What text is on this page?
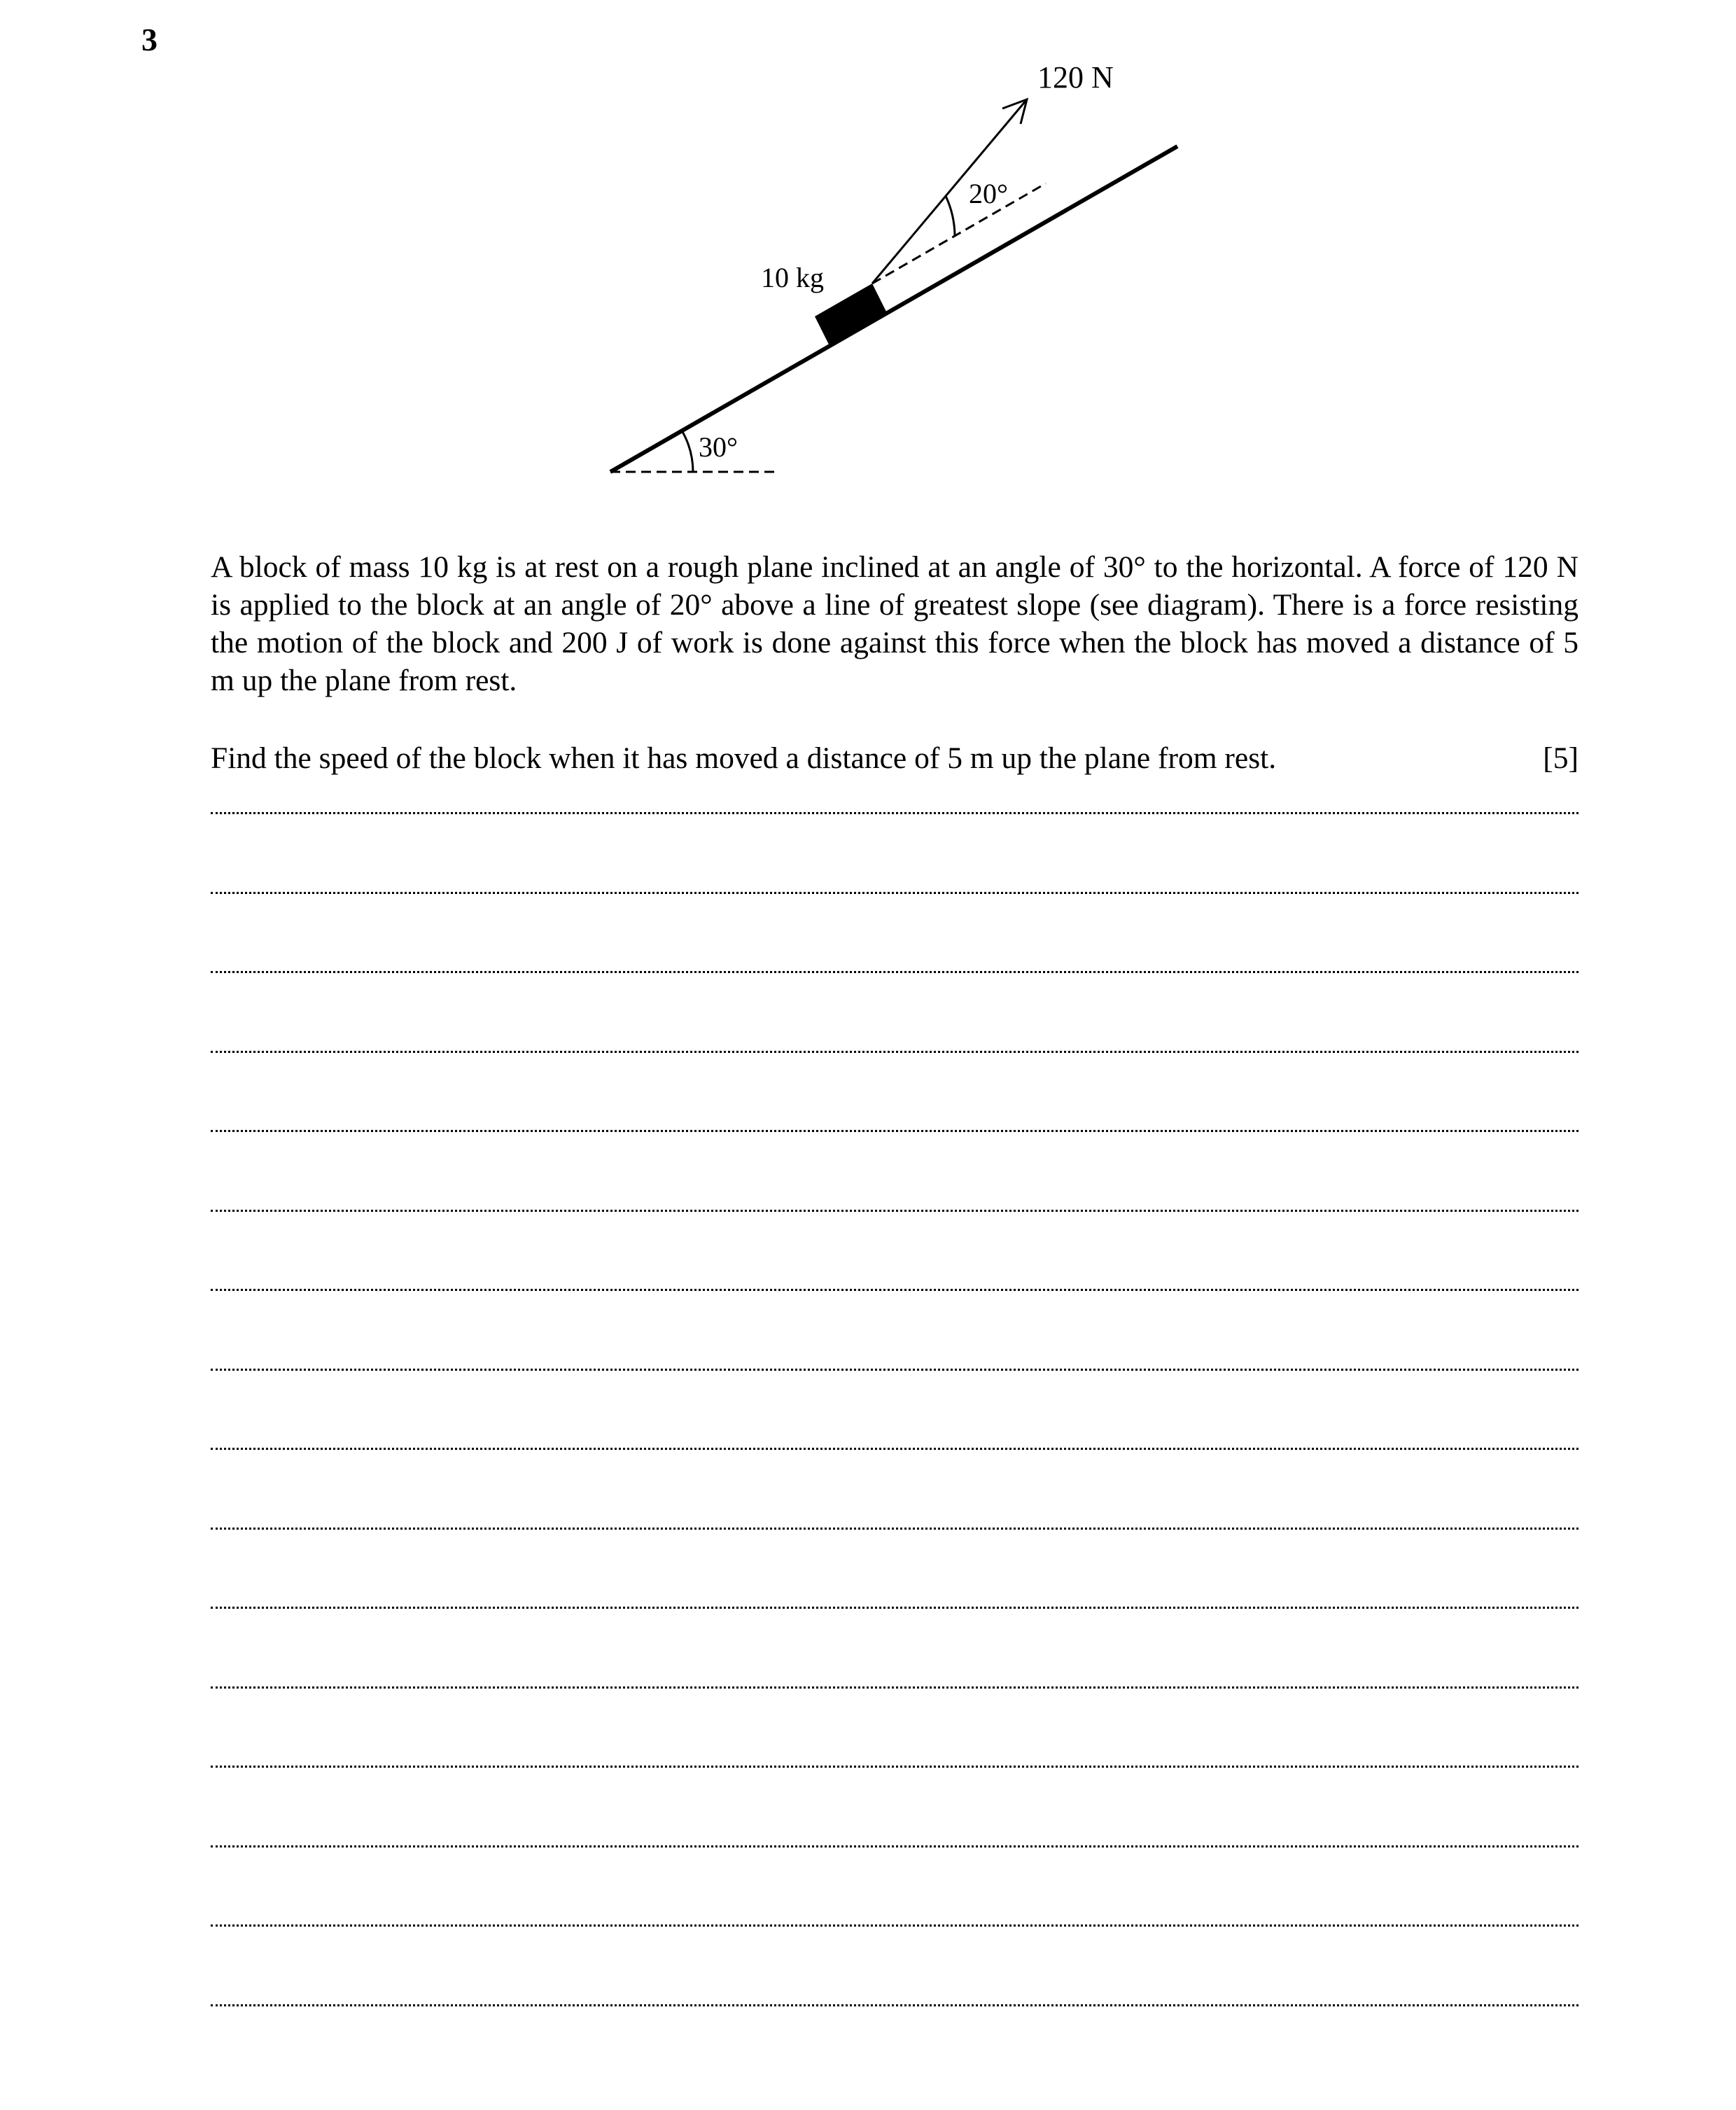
3
30°
10 kg
120 N
20°

A block of mass 10 kg is at rest on a rough plane inclined at an angle of 30° to the horizontal. A force of 120 N is applied to the block at an angle of 20° above a line of greatest slope (see diagram). There is a force resisting the motion of the block and 200 J of work is done against this force when the block has moved a distance of 5 m up the plane from rest.

Find the speed of the block when it has moved a distance of 5 m up the plane from rest.	[5]
